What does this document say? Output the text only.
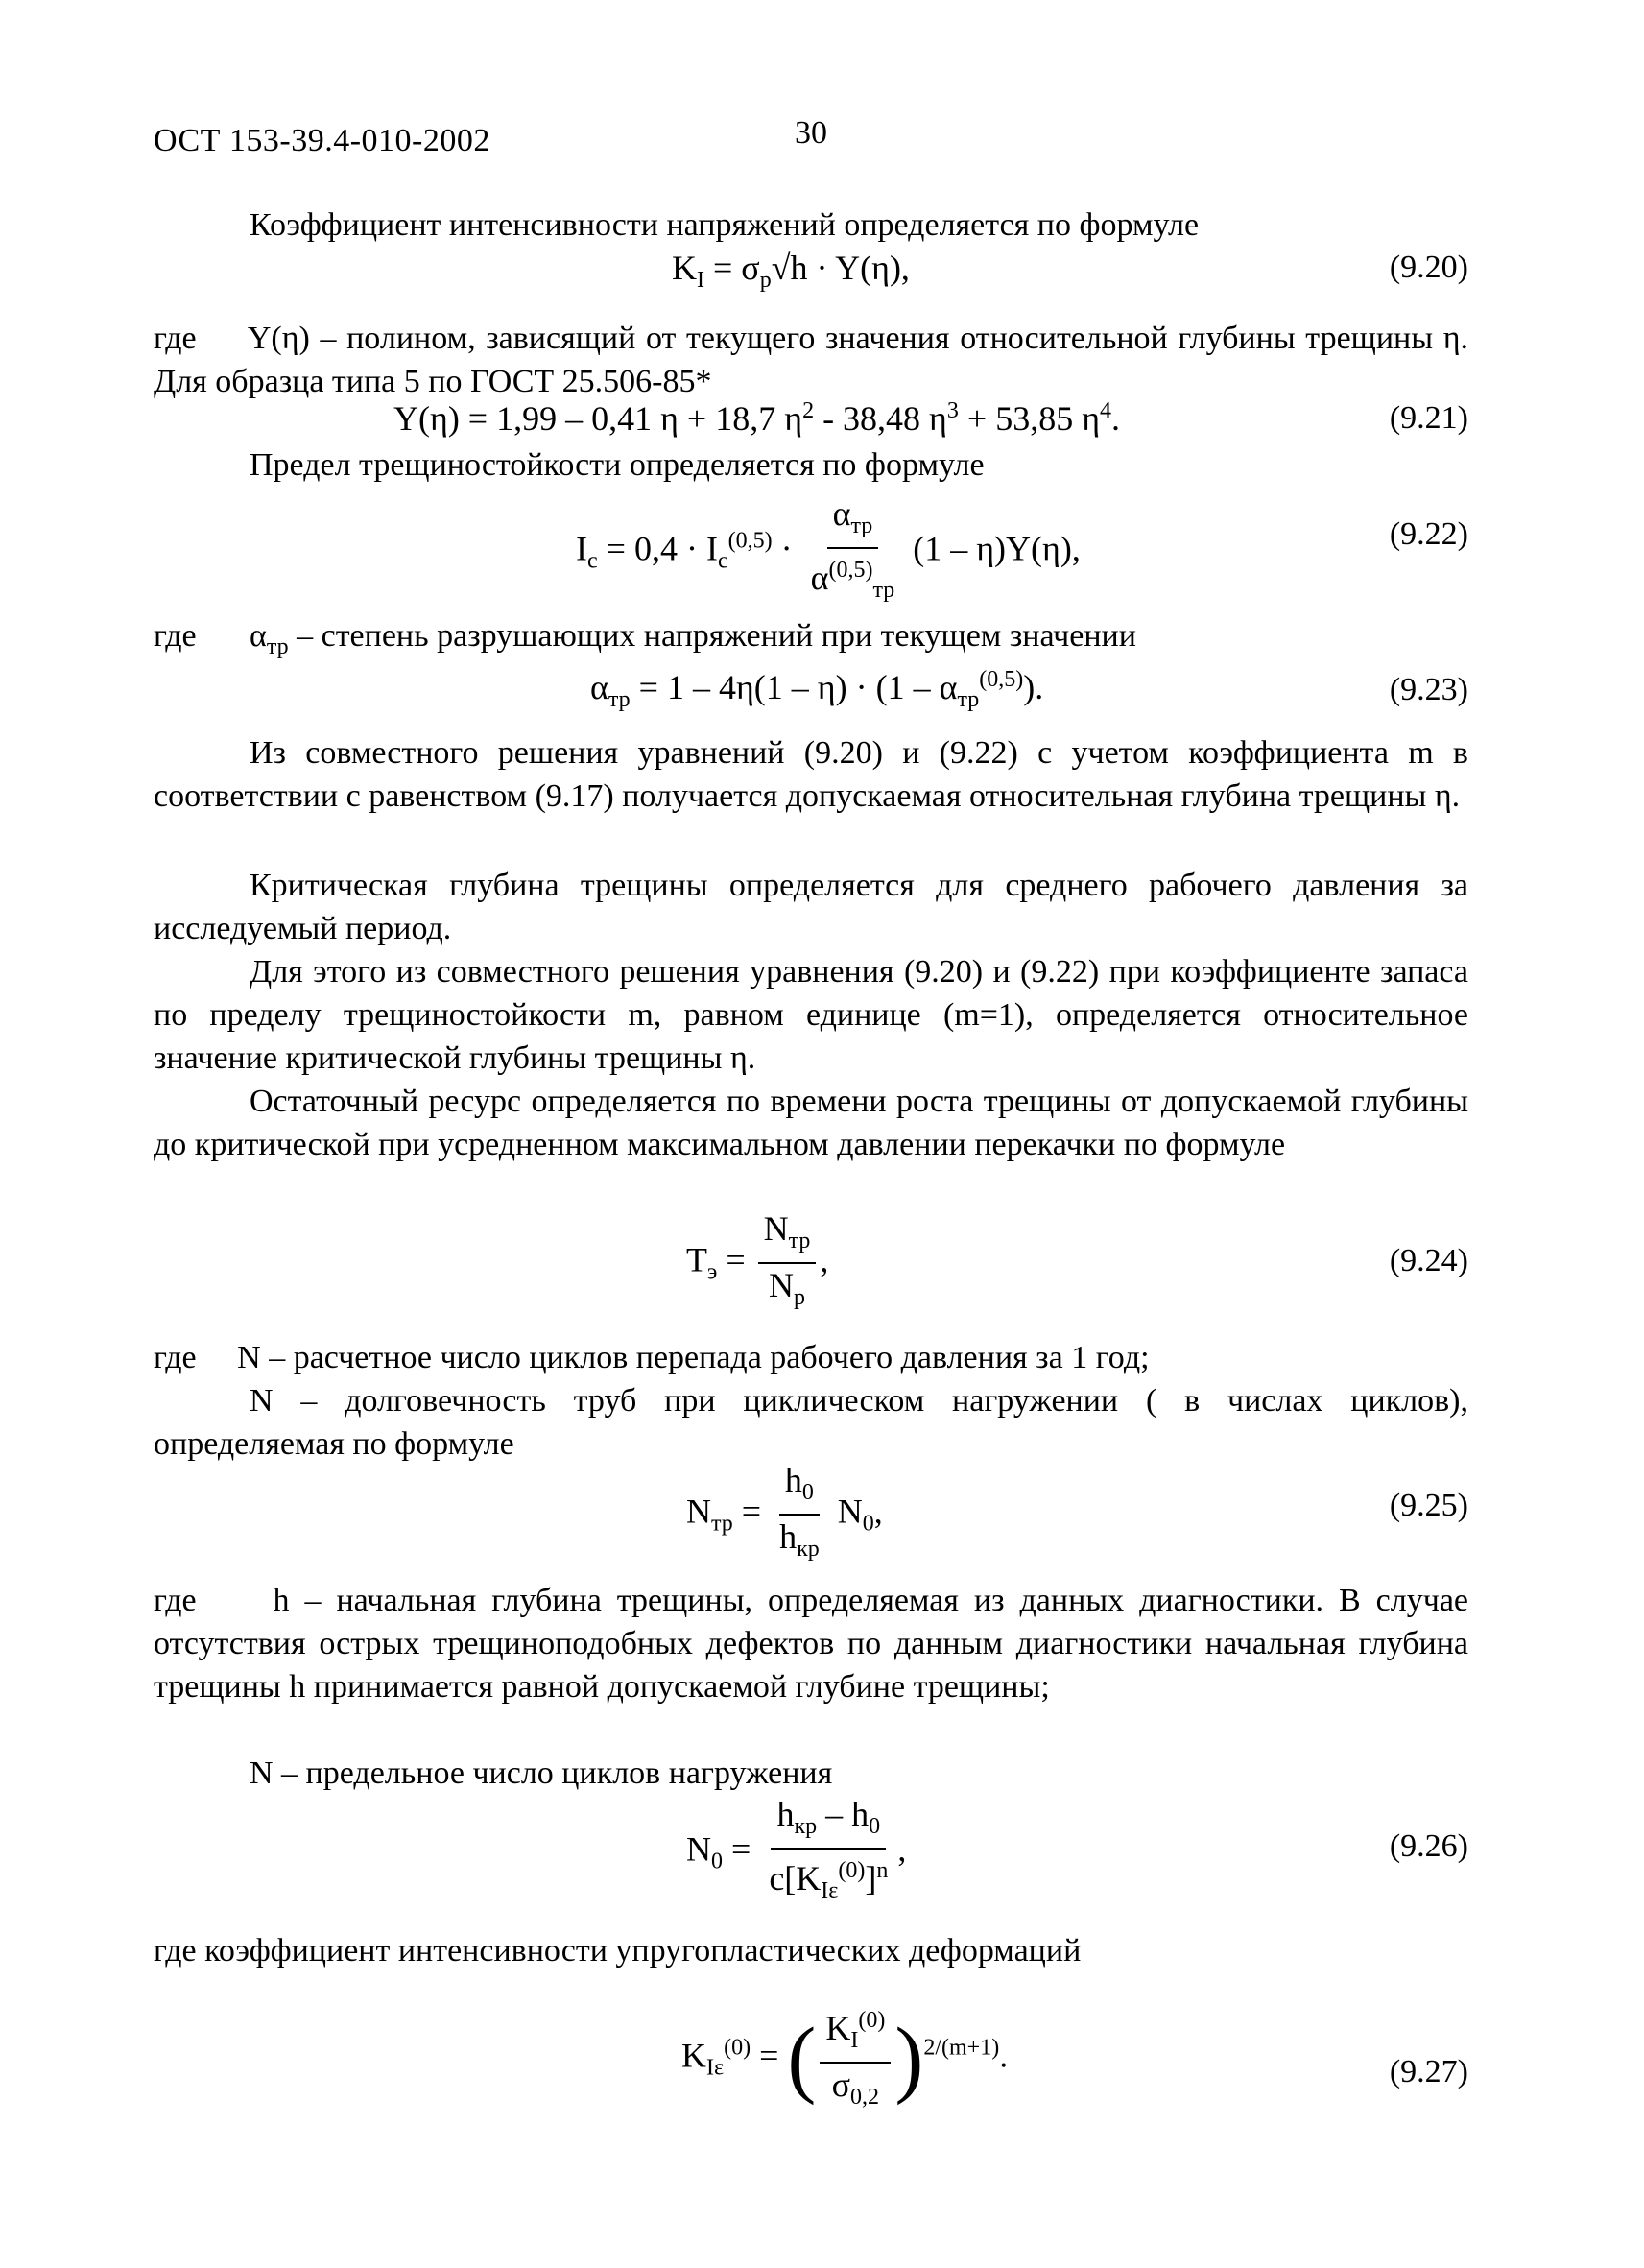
ОСТ 153-39.4-010-2002	30
Коэффициент интенсивности напряжений определяется по формуле
$K_I = \sigma_p√h \cdot Y(\eta)$,	(9.20)
где Y(η) – полином, зависящий от текущего значения относительной глубины трещины η. Для образца типа 5 по ГОСТ 25.506-85*
Y(η) = 1,99 – 0,41 η + 18,7 $\eta^2 - 38,48$ $\eta^3 + 53,85$ $\eta^4$.	(9.21)
Предел трещиностойкости определяется по формуле
$I_c = 0,4 \cdot I_c^{(0,5)}$ ·
$\alpha_{тр}$
$\alpha^{(0,5)}_{тр}$
(1 – η)Y(η),	(9.22)
где $\alpha_{тр}$ – степень разрушающих напряжений при текущем значении
$\alpha_{тр} = 1 - 4\eta(1 - \eta) \cdot (1 - \alpha_{тр}^{(0,5)})$.	(9.23)
Из совместного решения уравнений (9.20) и (9.22) с учетом коэффициента m в соответствии с равенством (9.17) получается допускаемая относительная глубина трещины η.
Критическая глубина трещины определяется для среднего рабочего давления за исследуемый период.
Для этого из совместного решения уравнения (9.20) и (9.22) при коэффициенте запаса по пределу трещиностойкости m, равном единице (m=1), определяется относительное значение критической глубины трещины η.
Остаточный ресурс определяется по времени роста трещины от допускаемой глубины до критической при усредненном максимальном давлении перекачки по формуле
$T_э$ =
$N_{тр}$
$N_р$
,	(9.24)
где N – расчетное число циклов перепада рабочего давления за 1 год;
N – долговечность труб при циклическом нагружении ( в числах циклов), определяемая по формуле
$N_{тр}$ =
$h_0$
$h_{кр}$
$N_0$,	(9.25)
где h – начальная глубина трещины, определяемая из данных диагностики. В случае отсутствия острых трещиноподобных дефектов по данным диагностики начальная глубина трещины h принимается равной допускаемой глубине трещины;
N – предельное число циклов нагружения
$N_0$ =
$h_{кр} - h_0$
$c[K_{I\varepsilon}^{(0)}]^n$
,	(9.26)
где коэффициент интенсивности упругопластических деформаций
$K_{I\varepsilon}^{(0)}$ = ( $\frac{K_I^{(0)}}{\sigma_{0,2}} )^{2/(m+1)}$.	(9.27)
